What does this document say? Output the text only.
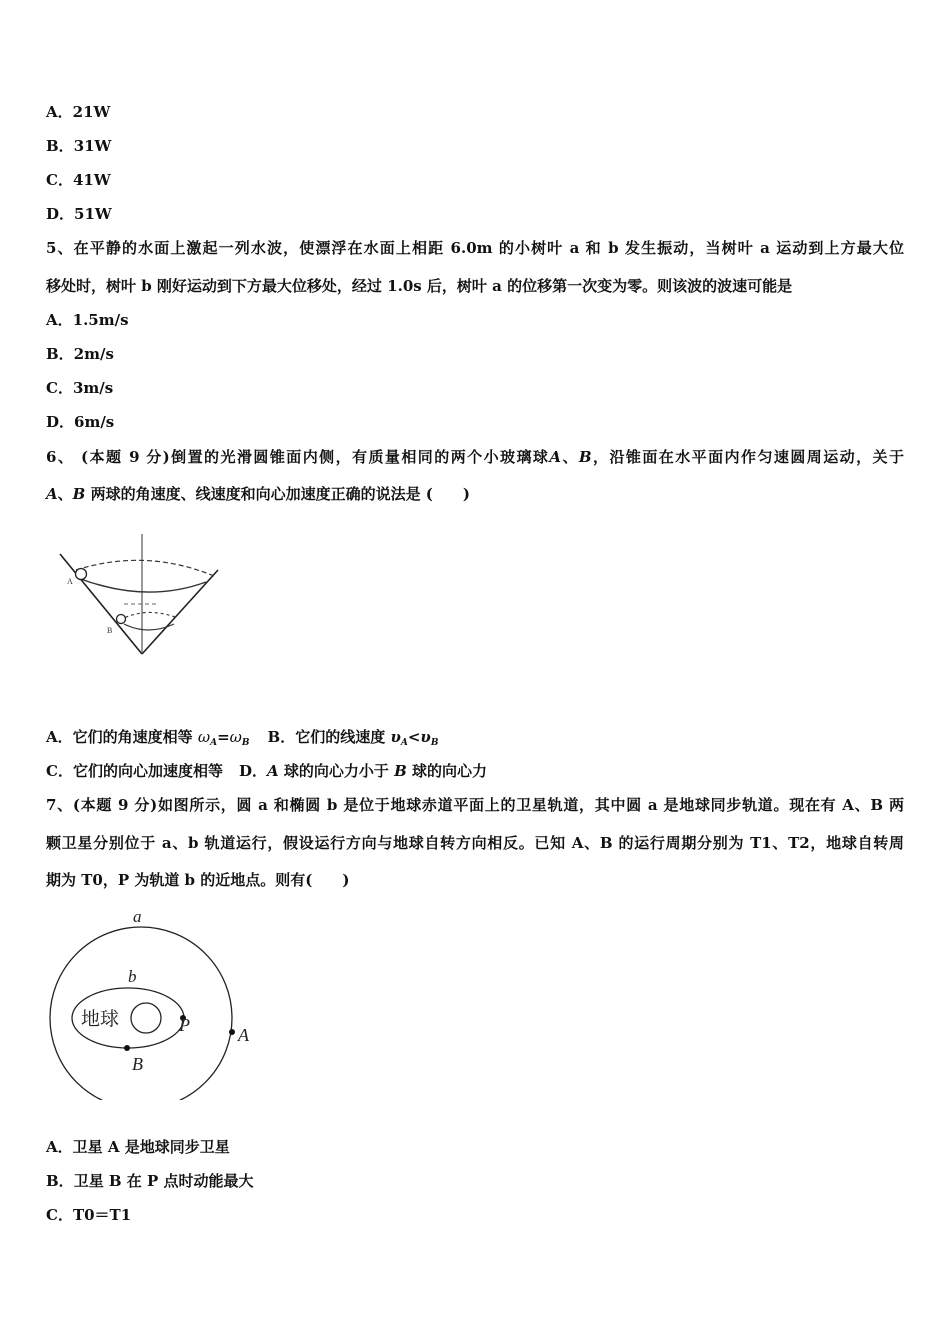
A．21W
B．31W
C．41W
D．51W
5、在平静的水面上激起一列水波，使漂浮在水面上相距 6.0m 的小树叶 a 和 b 发生振动，当树叶 a 运动到上方最大位
移处时，树叶 b 刚好运动到下方最大位移处，经过 1.0s 后，树叶 a 的位移第一次变为零。则该波的波速可能是
A．1.5m/s
B．2m/s
C．3m/s
D．6m/s
6、 (本题 9 分)倒置的光滑圆锥面内侧，有质量相同的两个小玻璃球A、B，沿锥面在水平面内作匀速圆周运动，关于
A、B 两球的角速度、线速度和向心加速度正确的说法是 (　　)
A
B
A．它们的角速度相等 $\omega_A=\omega_B$ B．它们的线速度 $\upsilon_A<\upsilon_B$
C．它们的向心加速度相等 D．A 球的向心力小于 B 球的向心力
7、(本题 9 分)如图所示，圆 a 和椭圆 b 是位于地球赤道平面上的卫星轨道，其中圆 a 是地球同步轨道。现在有 A、B 两
颗卫星分别位于 a、b 轨道运行，假设运行方向与地球自转方向相反。已知 A、B 的运行周期分别为 T1、T2，地球自转周
期为 T0，P 为轨道 b 的近地点。则有(　　)
a
b
地球	P	A
B
A．卫星 A 是地球同步卫星
B．卫星 B 在 P 点时动能最大
C．T0＝T1
